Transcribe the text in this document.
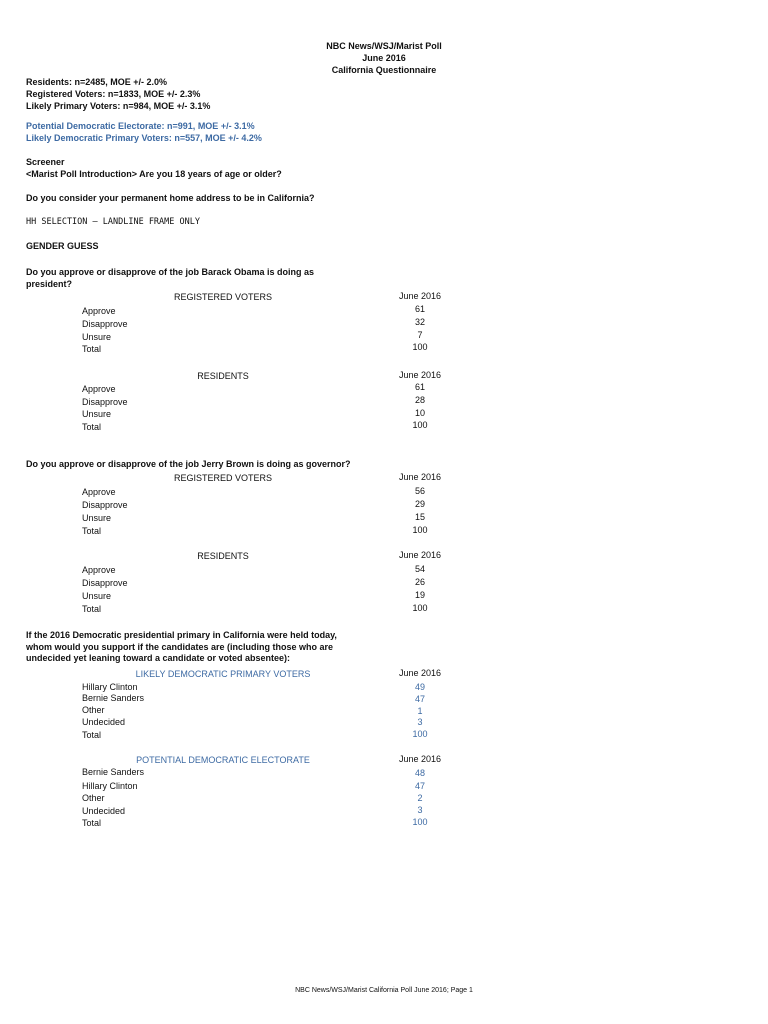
NBC News/WSJ/Marist Poll
June 2016
California Questionnaire
Residents: n=2485, MOE +/- 2.0%
Registered Voters: n=1833, MOE +/- 2.3%
Likely Primary Voters: n=984, MOE +/- 3.1%
Potential Democratic Electorate: n=991, MOE +/- 3.1%
Likely Democratic Primary Voters: n=557, MOE +/- 4.2%
Screener
<Marist Poll Introduction> Are you 18 years of age or older?
Do you consider your permanent home address to be in California?
HH SELECTION – LANDLINE FRAME ONLY
GENDER GUESS
Do you approve or disapprove of the job Barack Obama is doing as president?
REGISTERED VOTERS	June 2016
Approve	61
Disapprove	32
Unsure	7
Total	100
RESIDENTS	June 2016
Approve	61
Disapprove	28
Unsure	10
Total	100
Do you approve or disapprove of the job Jerry Brown is doing as governor?
REGISTERED VOTERS	June 2016
Approve	56
Disapprove	29
Unsure	15
Total	100
RESIDENTS	June 2016
Approve	54
Disapprove	26
Unsure	19
Total	100
If the 2016 Democratic presidential primary in California were held today, whom would you support if the candidates are (including those who are undecided yet leaning toward a candidate or voted absentee):
LIKELY DEMOCRATIC PRIMARY VOTERS	June 2016
Hillary Clinton	49
Bernie Sanders	47
Other	1
Undecided	3
Total	100
POTENTIAL DEMOCRATIC ELECTORATE	June 2016
Bernie Sanders	48
Hillary Clinton	47
Other	2
Undecided	3
Total	100
NBC News/WSJ/Marist California Poll June 2016; Page 1
